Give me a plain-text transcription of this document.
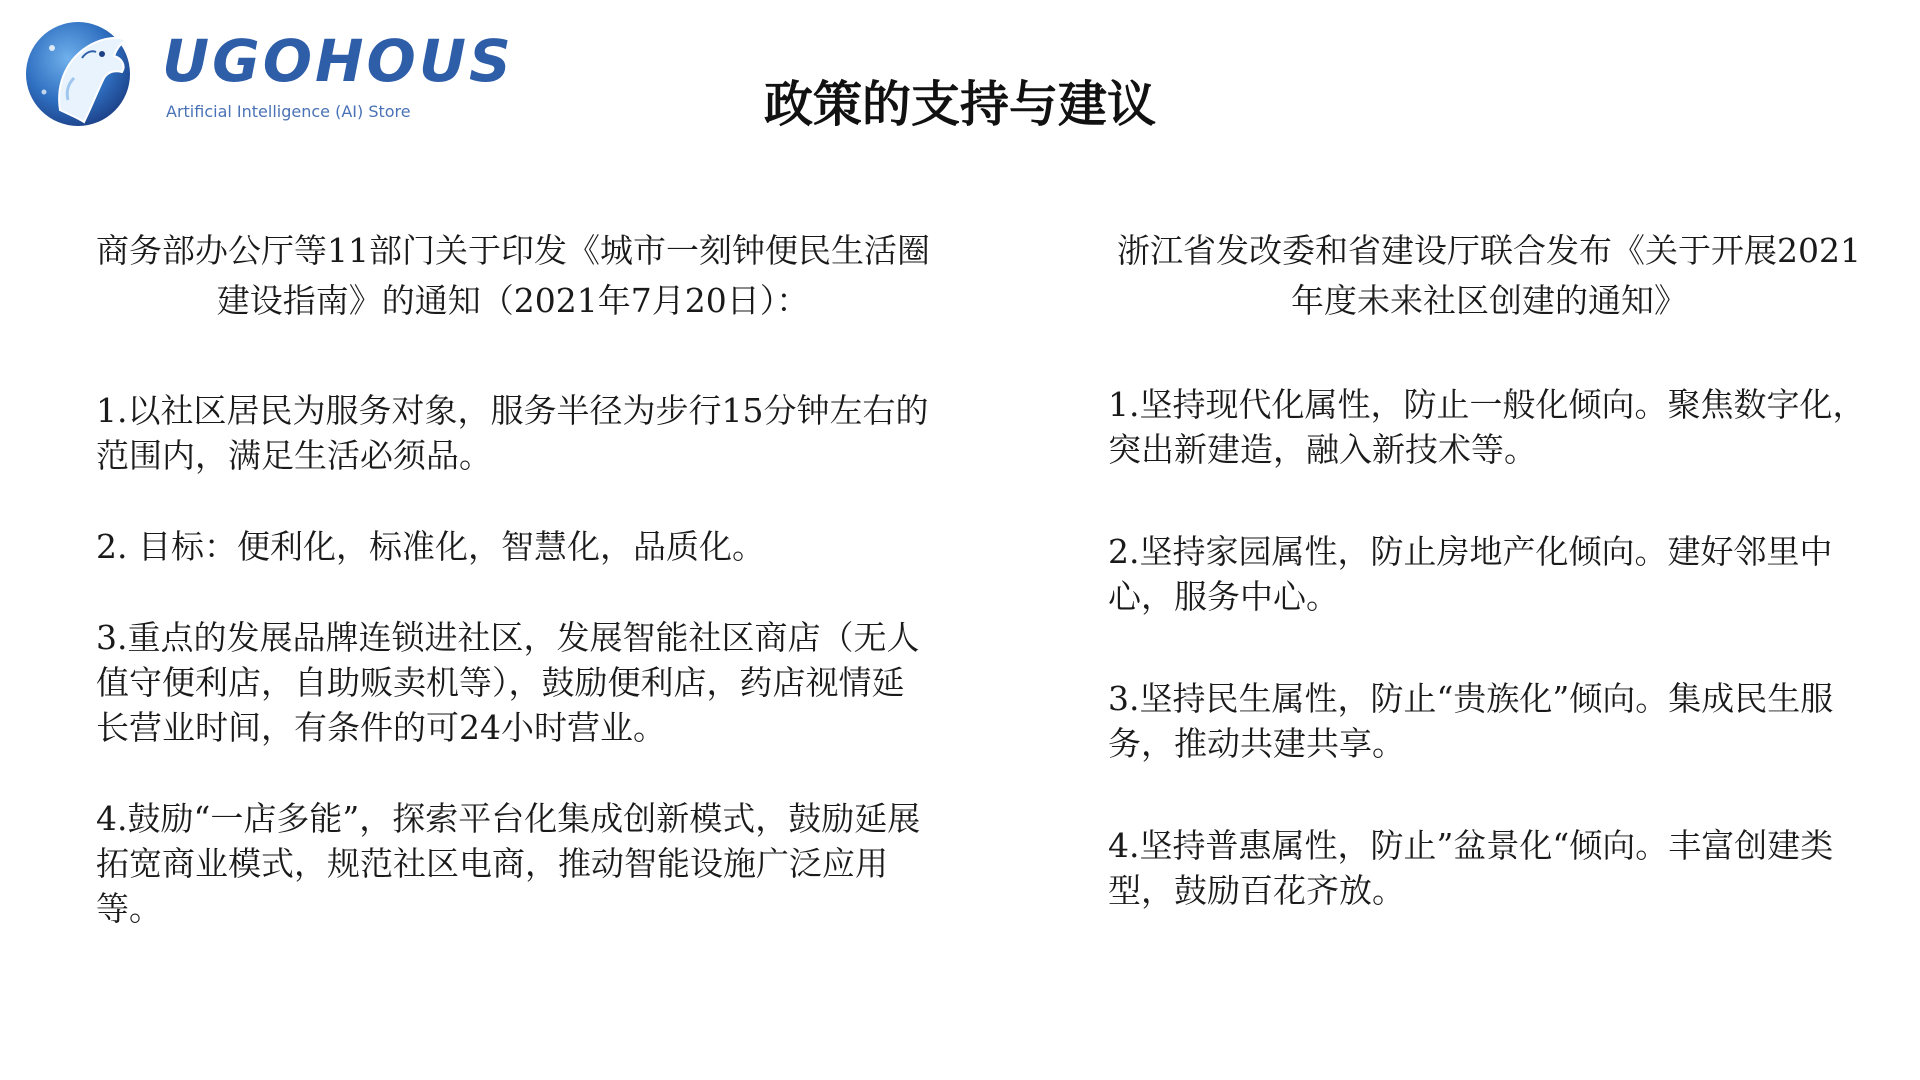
UGOHOUS
Artificial Intelligence (AI) Store	政策的支持与建议
商务部办公厅等11部门关于印发《城市一刻钟便民生活圈建设指南》的通知（2021年7月20日）：

1.以社区居民为服务对象，服务半径为步行15分钟左右的范围内，满足生活必须品。

2. 目标：便利化，标准化，智慧化，品质化。

3.重点的发展品牌连锁进社区，发展智能社区商店（无人值守便利店，自助贩卖机等），鼓励便利店，药店视情延长营业时间，有条件的可24小时营业。

4.鼓励“一店多能”，探索平台化集成创新模式，鼓励延展拓宽商业模式，规范社区电商，推动智能设施广泛应用等。

浙江省发改委和省建设厅联合发布《关于开展2021年度未来社区创建的通知》

1.坚持现代化属性，防止一般化倾向。聚焦数字化，突出新建造，融入新技术等。

2.坚持家园属性，防止房地产化倾向。建好邻里中心，服务中心。

3.坚持民生属性，防止“贵族化”倾向。集成民生服务，推动共建共享。

4.坚持普惠属性，防止”盆景化“倾向。丰富创建类型，鼓励百花齐放。
